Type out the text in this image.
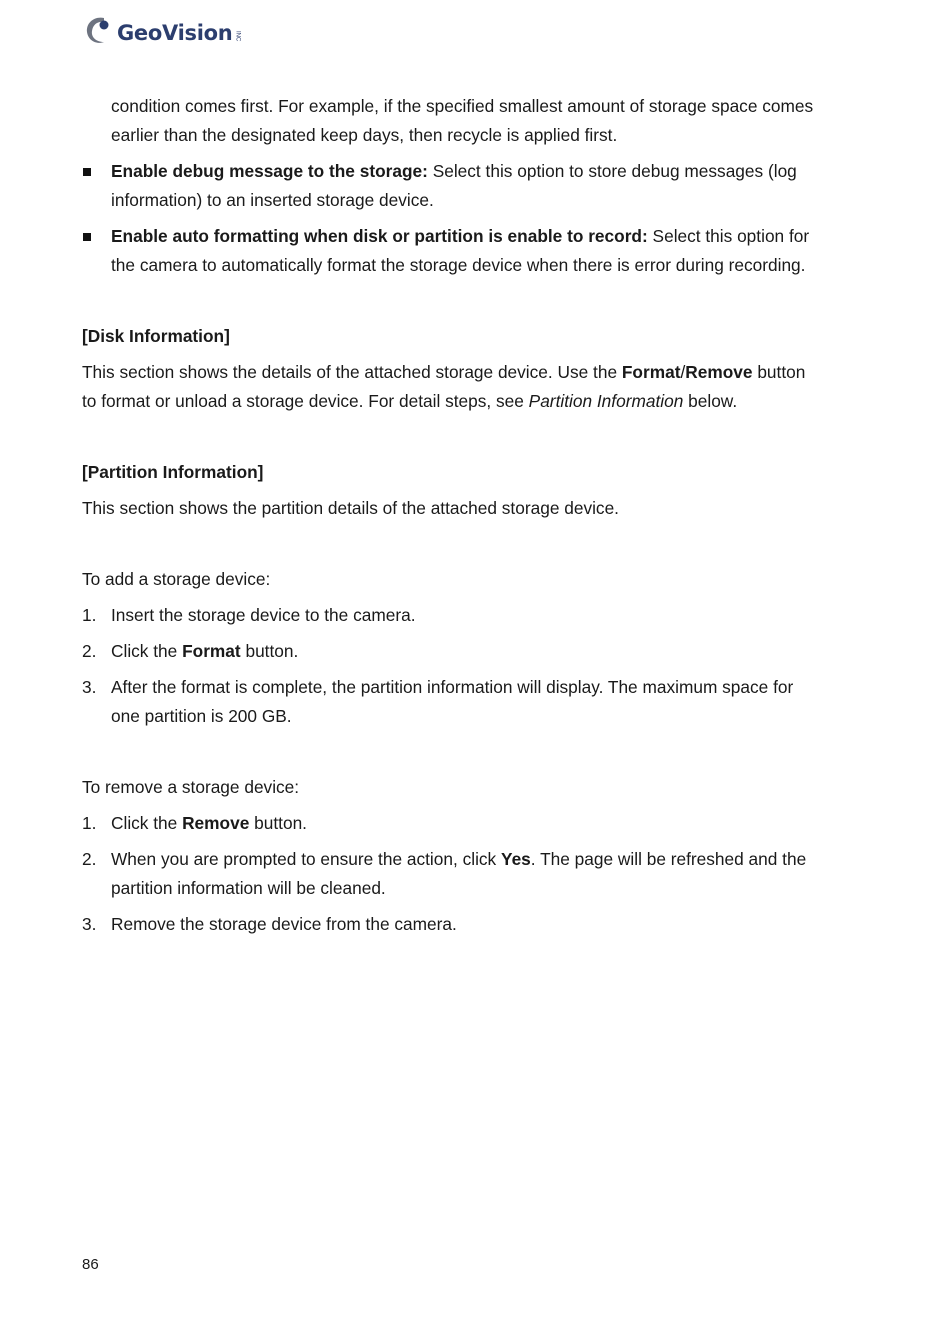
GeoVision INC

condition comes first. For example, if the specified smallest amount of storage space comes earlier than the designated keep days, then recycle is applied first.

Enable debug message to the storage: Select this option to store debug messages (log information) to an inserted storage device.

Enable auto formatting when disk or partition is enable to record: Select this option for the camera to automatically format the storage device when there is error during recording.

[Disk Information]

This section shows the details of the attached storage device. Use the Format/Remove button to format or unload a storage device. For detail steps, see Partition Information below.

[Partition Information]

This section shows the partition details of the attached storage device.

To add a storage device:

1. Insert the storage device to the camera.

2. Click the Format button.

3. After the format is complete, the partition information will display. The maximum space for one partition is 200 GB.

To remove a storage device:

1. Click the Remove button.

2. When you are prompted to ensure the action, click Yes. The page will be refreshed and the partition information will be cleaned.

3. Remove the storage device from the camera.

86
